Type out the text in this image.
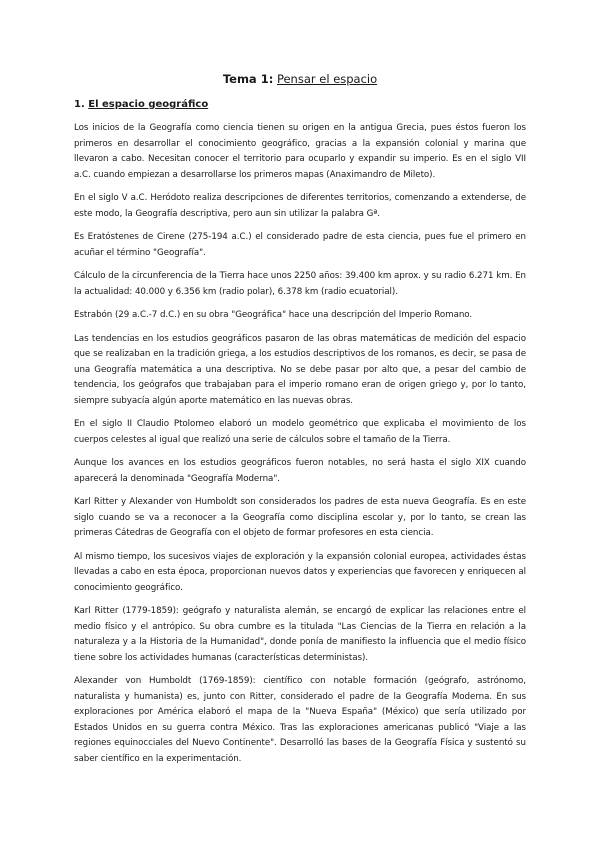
Tema 1: Pensar el espacio
1. El espacio geográfico

Los inicios de la Geografía como ciencia tienen su origen en la antigua Grecia, pues éstos fueron los primeros en desarrollar el conocimiento geográfico, gracias a la expansión colonial y marina que llevaron a cabo. Necesitan conocer el territorio para ocuparlo y expandir su imperio. Es en el siglo VII a.C. cuando empiezan a desarrollarse los primeros mapas (Anaximandro de Mileto).

En el siglo V a.C. Heródoto realiza descripciones de diferentes territorios, comenzando a extenderse, de este modo, la Geografía descriptiva, pero aun sin utilizar la palabra Gª.

Es Eratóstenes de Cirene (275-194 a.C.) el considerado padre de esta ciencia, pues fue el primero en acuñar el término "Geografía".

Cálculo de la circunferencia de la Tierra hace unos 2250 años: 39.400 km aprox. y su radio 6.271 km. En la actualidad: 40.000 y 6.356 km (radio polar), 6.378 km (radio ecuatorial).

Estrabón (29 a.C.-7 d.C.) en su obra "Geográfica" hace una descripción del Imperio Romano.

Las tendencias en los estudios geográficos pasaron de las obras matemáticas de medición del espacio que se realizaban en la tradición griega, a los estudios descriptivos de los romanos, es decir, se pasa de una Geografía matemática a una descriptiva. No se debe pasar por alto que, a pesar del cambio de tendencia, los geógrafos que trabajaban para el imperio romano eran de origen griego y, por lo tanto, siempre subyacía algún aporte matemático en las nuevas obras.

En el siglo II Claudio Ptolomeo elaboró un modelo geométrico que explicaba el movimiento de los cuerpos celestes al igual que realizó una serie de cálculos sobre el tamaño de la Tierra.

Aunque los avances en los estudios geográficos fueron notables, no será hasta el siglo XIX cuando aparecerá la denominada "Geografía Moderna".

Karl Ritter y Alexander von Humboldt son considerados los padres de esta nueva Geografía. Es en este siglo cuando se va a reconocer a la Geografía como disciplina escolar y, por lo tanto, se crean las primeras Cátedras de Geografía con el objeto de formar profesores en esta ciencia.

Al mismo tiempo, los sucesivos viajes de exploración y la expansión colonial europea, actividades éstas llevadas a cabo en esta época, proporcionan nuevos datos y experiencias que favorecen y enriquecen al conocimiento geográfico.

Karl Ritter (1779-1859): geógrafo y naturalista alemán, se encargó de explicar las relaciones entre el medio físico y el antrópico. Su obra cumbre es la titulada "Las Ciencias de la Tierra en relación a la naturaleza y a la Historia de la Humanidad", donde ponía de manifiesto la influencia que el medio físico tiene sobre los actividades humanas (características deterministas).

Alexander von Humboldt (1769-1859): científico con notable formación (geógrafo, astrónomo, naturalista y humanista) es, junto con Ritter, considerado el padre de la Geografía Moderna. En sus exploraciones por América elaboró el mapa de la "Nueva España" (México) que sería utilizado por Estados Unidos en su guerra contra México. Tras las exploraciones americanas publicó "Viaje a las regiones equinocciales del Nuevo Continente". Desarrolló las bases de la Geografía Física y sustentó su saber científico en la experimentación.
